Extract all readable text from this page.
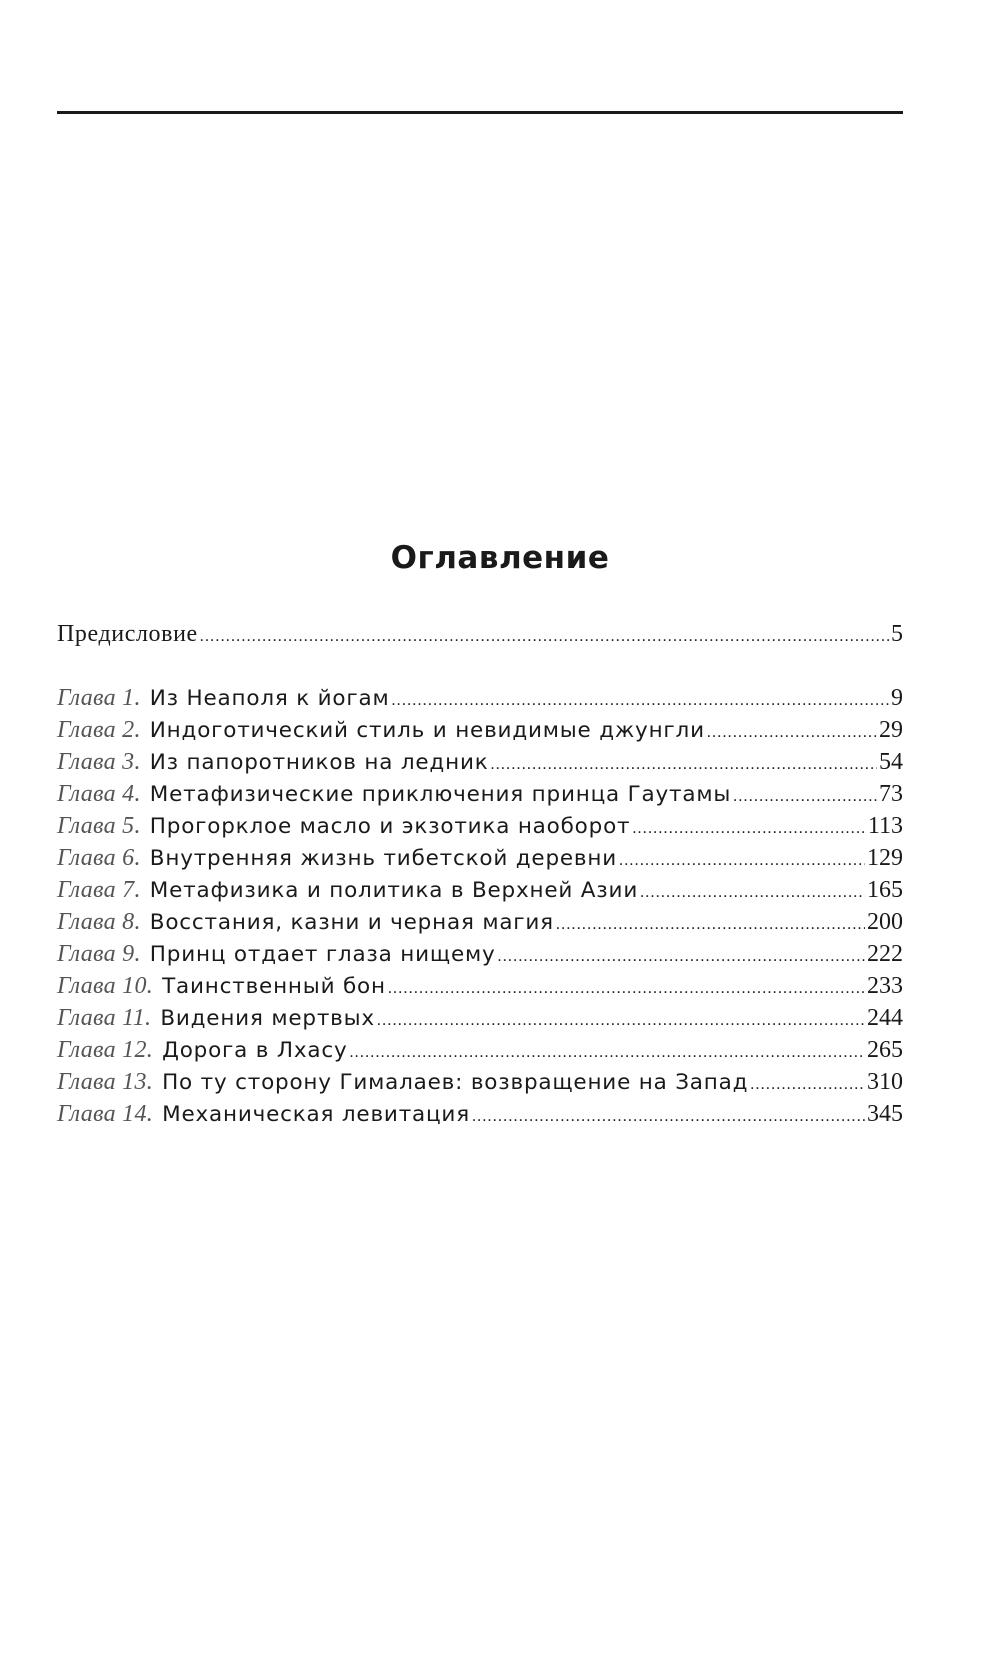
Оглавление
Предисловие .....	5
Глава 1. Из Неаполя к йогам .....	9
Глава 2. Индоготический стиль и невидимые джунгли .....	29
Глава 3. Из папоротников на ледник .....	54
Глава 4. Метафизические приключения принца Гаутамы .....	73
Глава 5. Прогорклое масло и экзотика наоборот .....	113
Глава 6. Внутренняя жизнь тибетской деревни .....	129
Глава 7. Метафизика и политика в Верхней Азии .....	165
Глава 8. Восстания, казни и черная магия .....	200
Глава 9. Принц отдает глаза нищему .....	222
Глава 10. Таинственный бон .....	233
Глава 11. Видения мертвых .....	244
Глава 12. Дорога в Лхасу .....	265
Глава 13. По ту сторону Гималаев: возвращение на Запад .....	310
Глава 14. Механическая левитация .....	345
